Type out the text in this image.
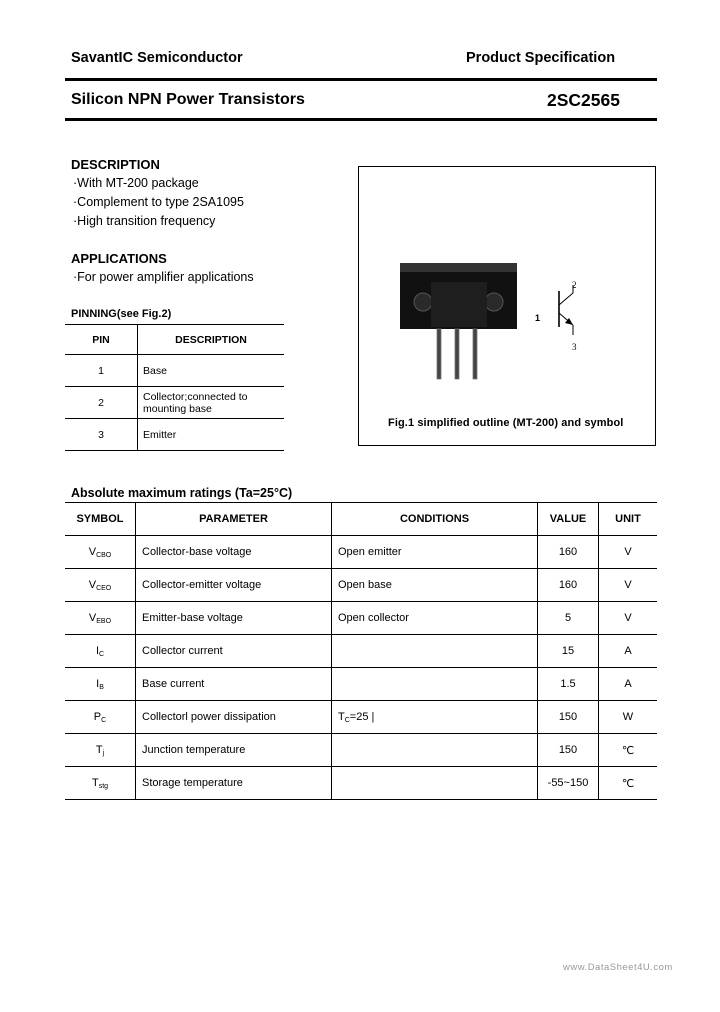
SavantIC Semiconductor	Product Specification
Silicon NPN Power Transistors	2SC2565
DESCRIPTION
·With MT-200 package
·Complement to type 2SA1095
·High transition frequency
APPLICATIONS
·For power amplifier applications
PINNING(see Fig.2)
PIN	DESCRIPTION
1	Base
2	Collector;connected to
mounting base
3	Emitter
1
2
3
Fig.1 simplified outline (MT-200) and symbol
Absolute maximum ratings (Ta=25°C)
SYMBOL	PARAMETER	CONDITIONS	VALUE	UNIT
$V_{CBO}$	Collector-base voltage	Open emitter	160	V
$V_{CEO}$	Collector-emitter voltage	Open base	160	V
$V_{EBO}$	Emitter-base voltage	Open collector	5	V
$I_C$	Collector current		15	A
$I_B$	Base current		1.5	A
$P_C$	Collectorl power dissipation	$T_C=25$ |	150	W
$T_j$	Junction temperature		150	℃
$T_{stg}$	Storage temperature		-55~150	℃
www.DataSheet4U.com
